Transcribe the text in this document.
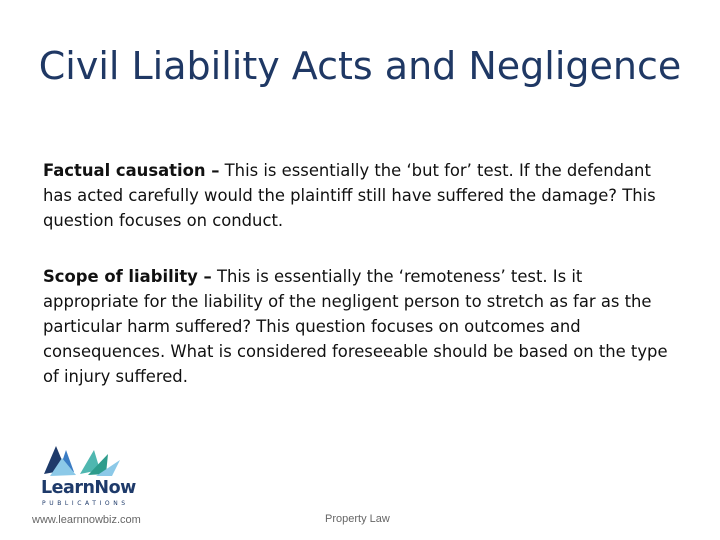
Civil Liability Acts and Negligence
Factual causation – This is essentially the ‘but for’ test. If the defendant has acted carefully would the plaintiff still have suffered the damage? This question focuses on conduct.
Scope of liability – This is essentially the ‘remoteness’ test. Is it appropriate for the liability of the negligent person to stretch as far as the particular harm suffered? This question focuses on outcomes and consequences. What is considered foreseeable should be based on the type of injury suffered.
LearnNow
PUBLICATIONS
www.learnnowbiz.com	Property Law
